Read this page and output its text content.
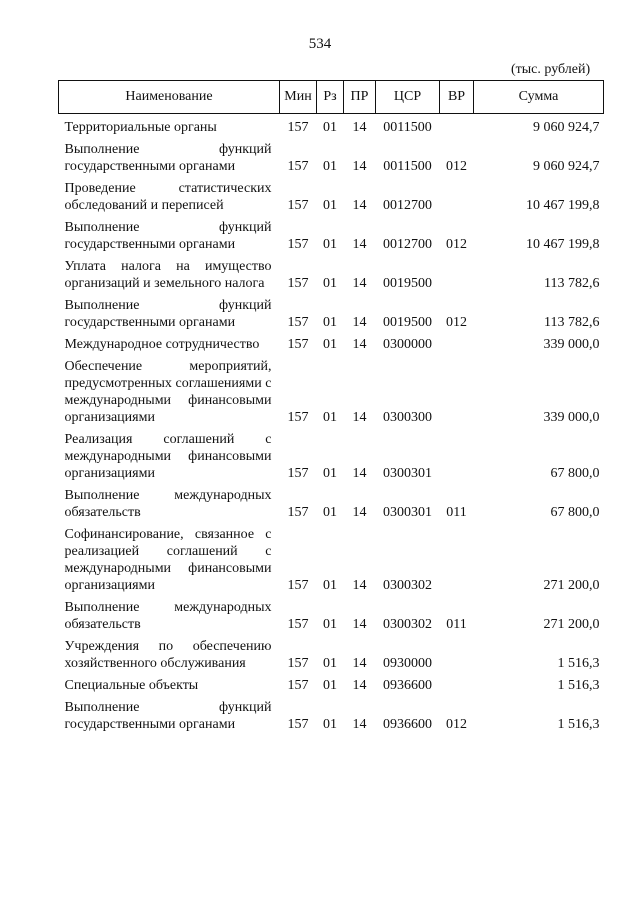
534
(тыс. рублей)
Наименование	Мин	Рз	ПР	ЦСР	ВР	Сумма
Территориальные органы	157	01	14	0011500		9 060 924,7
Выполнение функций государственными органами	157	01	14	0011500	012	9 060 924,7
Проведение статистических обследований и переписей	157	01	14	0012700		10 467 199,8
Выполнение функций государственными органами	157	01	14	0012700	012	10 467 199,8
Уплата налога на имущество организаций и земельного налога	157	01	14	0019500		113 782,6
Выполнение функций государственными органами	157	01	14	0019500	012	113 782,6
Международное сотрудничество	157	01	14	0300000		339 000,0
Обеспечение мероприятий, предусмотренных соглашениями с международными финансовыми организациями	157	01	14	0300300		339 000,0
Реализация соглашений с международными финансовыми организациями	157	01	14	0300301		67 800,0
Выполнение международных обязательств	157	01	14	0300301	011	67 800,0
Софинансирование, связанное с реализацией соглашений с международными финансовыми организациями	157	01	14	0300302		271 200,0
Выполнение международных обязательств	157	01	14	0300302	011	271 200,0
Учреждения по обеспечению хозяйственного обслуживания	157	01	14	0930000		1 516,3
Специальные объекты	157	01	14	0936600		1 516,3
Выполнение функций государственными органами	157	01	14	0936600	012	1 516,3
